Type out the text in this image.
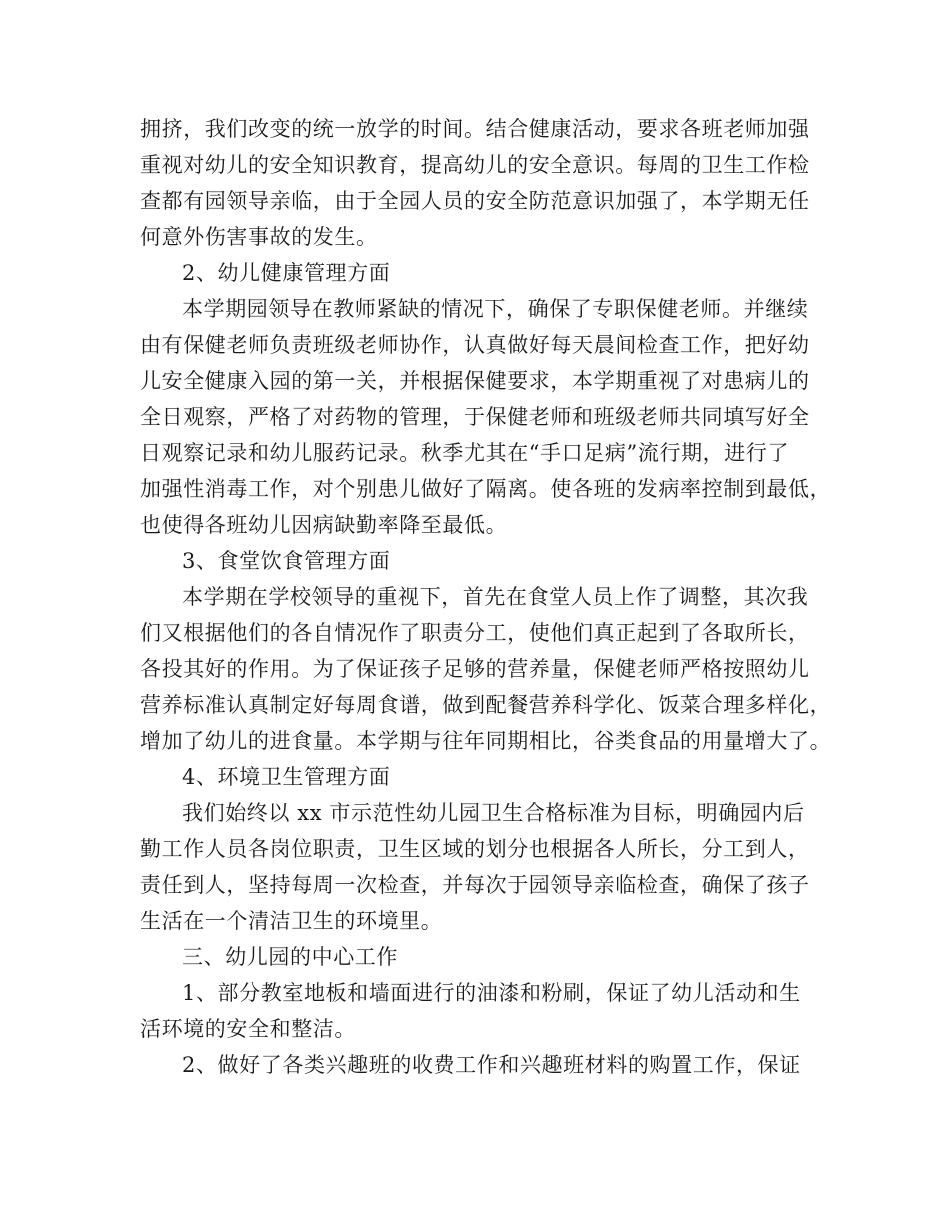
拥挤，我们改变的统一放学的时间。结合健康活动，要求各班老师加强
重视对幼儿的安全知识教育，提高幼儿的安全意识。每周的卫生工作检
查都有园领导亲临，由于全园人员的安全防范意识加强了，本学期无任
何意外伤害事故的发生。
2、幼儿健康管理方面
本学期园领导在教师紧缺的情况下，确保了专职保健老师。并继续
由有保健老师负责班级老师协作，认真做好每天晨间检查工作，把好幼
儿安全健康入园的第一关，并根据保健要求，本学期重视了对患病儿的
全日观察，严格了对药物的管理，于保健老师和班级老师共同填写好全
日观察记录和幼儿服药记录。秋季尤其在“手口足病”流行期，进行了
加强性消毒工作，对个别患儿做好了隔离。使各班的发病率控制到最低，
也使得各班幼儿因病缺勤率降至最低。
3、食堂饮食管理方面
本学期在学校领导的重视下，首先在食堂人员上作了调整，其次我
们又根据他们的各自情况作了职责分工，使他们真正起到了各取所长，
各投其好的作用。为了保证孩子足够的营养量，保健老师严格按照幼儿
营养标准认真制定好每周食谱，做到配餐营养科学化、饭菜合理多样化，
增加了幼儿的进食量。本学期与往年同期相比，谷类食品的用量增大了。
4、环境卫生管理方面
我们始终以 xx 市示范性幼儿园卫生合格标准为目标，明确园内后
勤工作人员各岗位职责，卫生区域的划分也根据各人所长，分工到人，
责任到人，坚持每周一次检查，并每次于园领导亲临检查，确保了孩子
生活在一个清洁卫生的环境里。
三、幼儿园的中心工作
1、部分教室地板和墙面进行的油漆和粉刷，保证了幼儿活动和生
活环境的安全和整洁。
2、做好了各类兴趣班的收费工作和兴趣班材料的购置工作，保证
